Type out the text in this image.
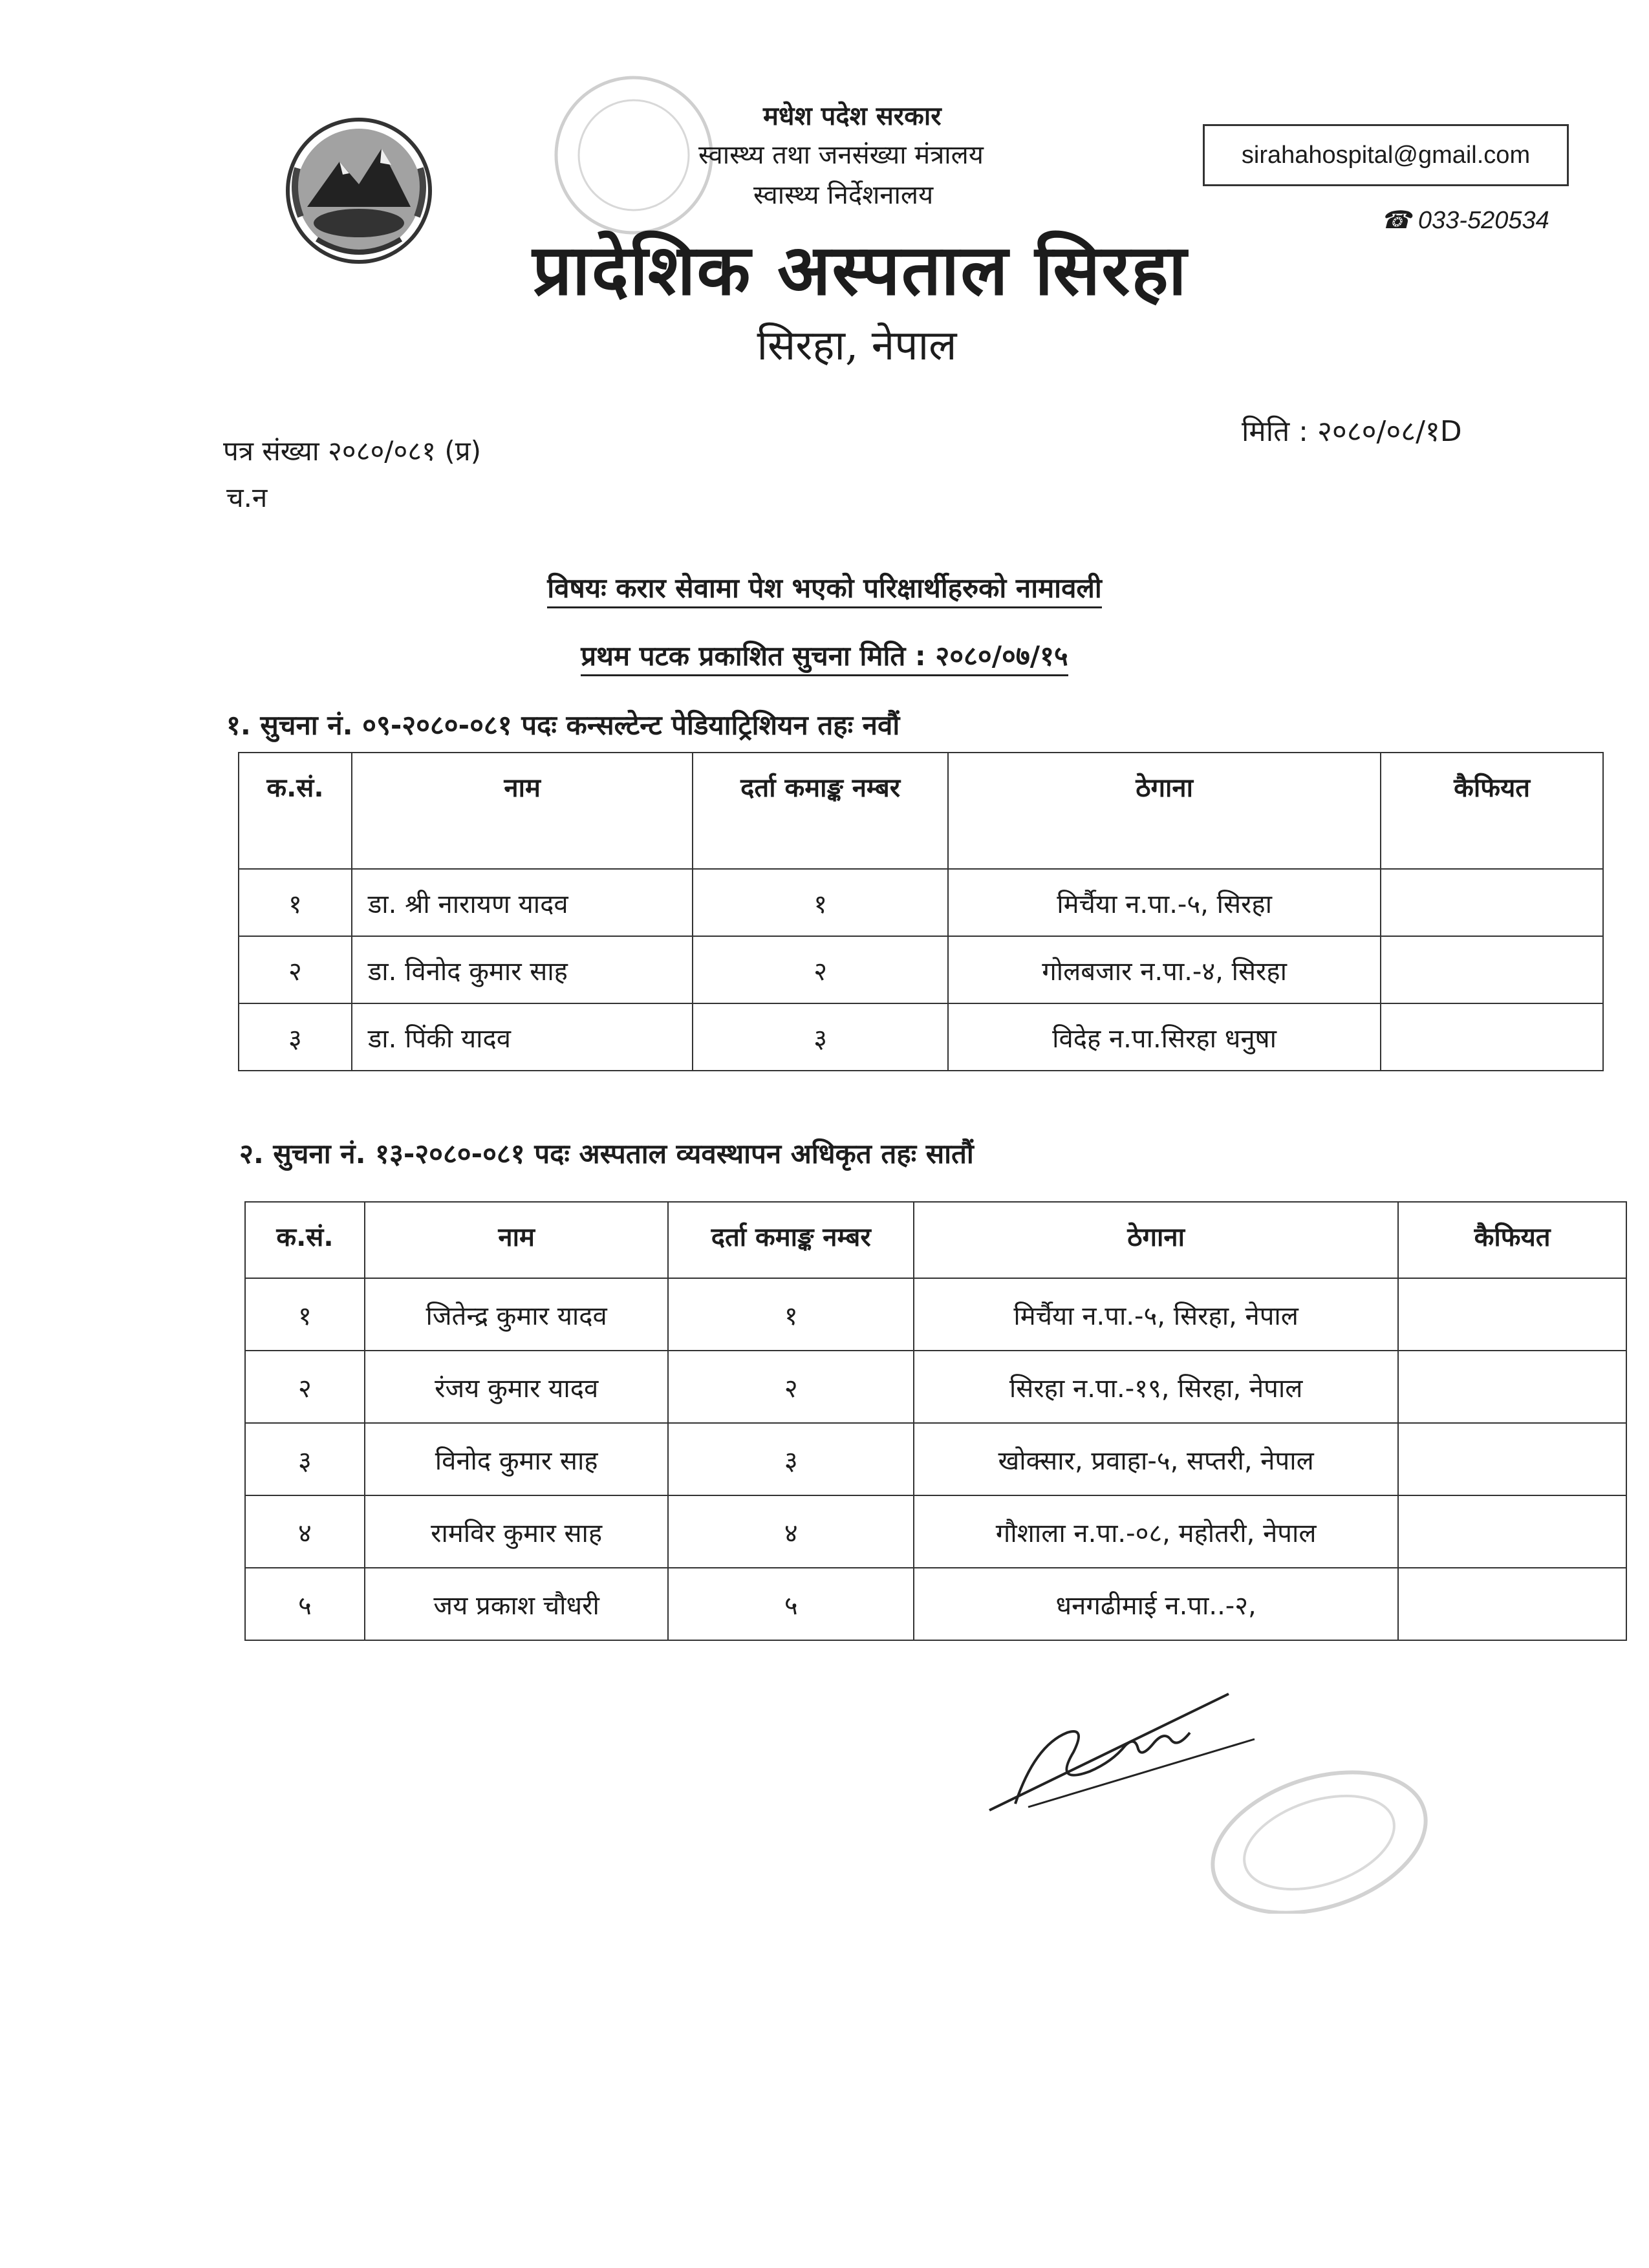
मधेश पदेश सरकार
स्वास्थ्य तथा जनसंख्या मंत्रालय
स्वास्थ्य निर्देशनालय
sirahahospital@gmail.com
☎ 033-520534
प्रादेशिक अस्पताल सिरहा
सिरहा, नेपाल
मिति : २०८०/०८/१D
पत्र संख्या २०८०/०८१ (प्र)
च.न
विषयः करार सेवामा पेश भएको परिक्षार्थीहरुको नामावली
प्रथम पटक प्रकाशित सुचना मिति : २०८०/०७/१५
१. सुचना नं. ०९-२०८०-०८१ पदः कन्सल्टेन्ट पेडियाट्रिशियन तहः नवौं
क.सं.	नाम	दर्ता कमाङ्क नम्बर	ठेगाना	कैफियत
१	डा. श्री नारायण यादव	१	मिर्चैया न.पा.-५, सिरहा	
२	डा. विनोद कुमार साह	२	गोलबजार न.पा.-४, सिरहा	
३	डा. पिंकी यादव	३	विदेह न.पा.सिरहा धनुषा	
२. सुचना नं. १३-२०८०-०८१ पदः अस्पताल व्यवस्थापन अधिकृत तहः सातौं
क.सं.	नाम	दर्ता कमाङ्क नम्बर	ठेगाना	कैफियत
१	जितेन्द्र कुमार यादव	१	मिर्चैया न.पा.-५, सिरहा, नेपाल	
२	रंजय कुमार यादव	२	सिरहा न.पा.-१९, सिरहा, नेपाल	
३	विनोद कुमार साह	३	खोक्सार, प्रवाहा-५, सप्तरी, नेपाल	
४	रामविर कुमार साह	४	गौशाला न.पा.-०८, महोतरी, नेपाल	
५	जय प्रकाश चौधरी	५	धनगढीमाई न.पा..-२,	
